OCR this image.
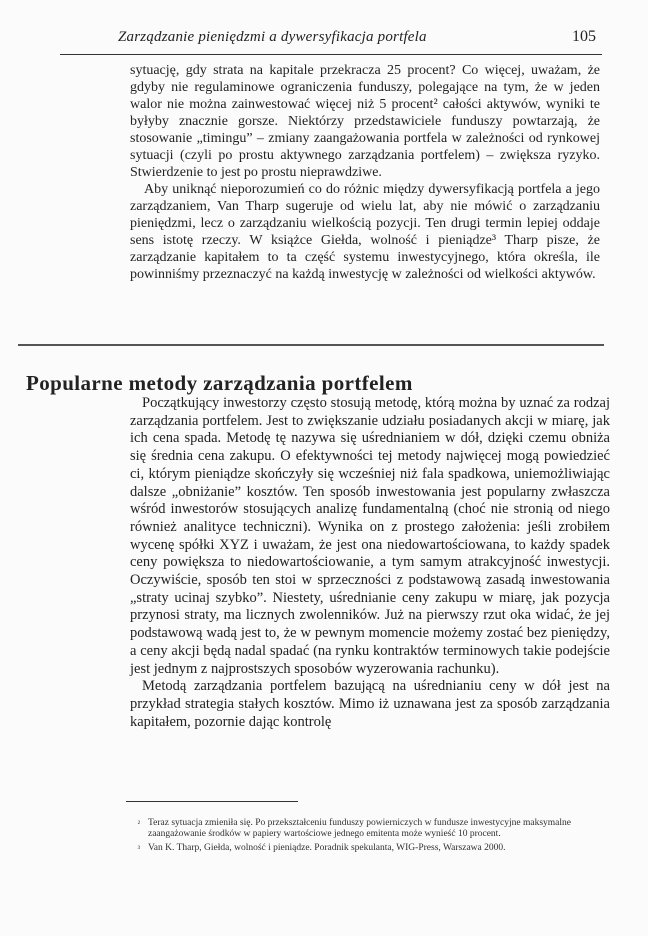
Zarządzanie pieniędzmi a dywersyfikacja portfela	105

sytuację, gdy strata na kapitale przekracza 25 procent? Co więcej, uważam, że gdyby nie regulaminowe ograniczenia funduszy, polegające na tym, że w jeden walor nie można zainwestować więcej niż 5 procent² całości aktywów, wyniki te byłyby znacznie gorsze. Niektórzy przedstawiciele funduszy powtarzają, że stosowanie „timingu” – zmiany zaangażowania portfela w zależności od rynkowej sytuacji (czyli po prostu aktywnego zarządzania portfelem) – zwiększa ryzyko. Stwierdzenie to jest po prostu nieprawdziwe.

Aby uniknąć nieporozumień co do różnic między dywersyfikacją portfela a jego zarządzaniem, Van Tharp sugeruje od wielu lat, aby nie mówić o zarządzaniu pieniędzmi, lecz o zarządzaniu wielkością pozycji. Ten drugi termin lepiej oddaje sens istotę rzeczy. W książce Giełda, wolność i pieniądze³ Tharp pisze, że zarządzanie kapitałem to ta część systemu inwestycyjnego, która określa, ile powinniśmy przeznaczyć na każdą inwestycję w zależności od wielkości aktywów.

Popularne metody zarządzania portfelem

Początkujący inwestorzy często stosują metodę, którą można by uznać za rodzaj zarządzania portfelem. Jest to zwiększanie udziału posiadanych akcji w miarę, jak ich cena spada. Metodę tę nazywa się uśrednianiem w dół, dzięki czemu obniża się średnia cena zakupu. O efektywności tej metody najwięcej mogą powiedzieć ci, którym pieniądze skończyły się wcześniej niż fala spadkowa, uniemożliwiając dalsze „obniżanie” kosztów. Ten sposób inwestowania jest popularny zwłaszcza wśród inwestorów stosujących analizę fundamentalną (choć nie stronią od niego również analityce techniczni). Wynika on z prostego założenia: jeśli zrobiłem wycenę spółki XYZ i uważam, że jest ona niedowartościowana, to każdy spadek ceny powiększa to niedowartościowanie, a tym samym atrakcyjność inwestycji. Oczywiście, sposób ten stoi w sprzeczności z podstawową zasadą inwestowania „straty ucinaj szybko”. Niestety, uśrednianie ceny zakupu w miarę, jak pozycja przynosi straty, ma licznych zwolenników. Już na pierwszy rzut oka widać, że jej podstawową wadą jest to, że w pewnym momencie możemy zostać bez pieniędzy, a ceny akcji będą nadal spadać (na rynku kontraktów terminowych takie podejście jest jednym z najprostszych sposobów wyzerowania rachunku).

Metodą zarządzania portfelem bazującą na uśrednianiu ceny w dół jest na przykład strategia stałych kosztów. Mimo iż uznawana jest za sposób zarządzania kapitałem, pozornie dając kontrolę

² Teraz sytuacja zmieniła się. Po przekształceniu funduszy powierniczych w fundusze inwestycyjne maksymalne zaangażowanie środków w papiery wartościowe jednego emitenta może wynieść 10 procent.
³ Van K. Tharp, Giełda, wolność i pieniądze. Poradnik spekulanta, WIG-Press, Warszawa 2000.
